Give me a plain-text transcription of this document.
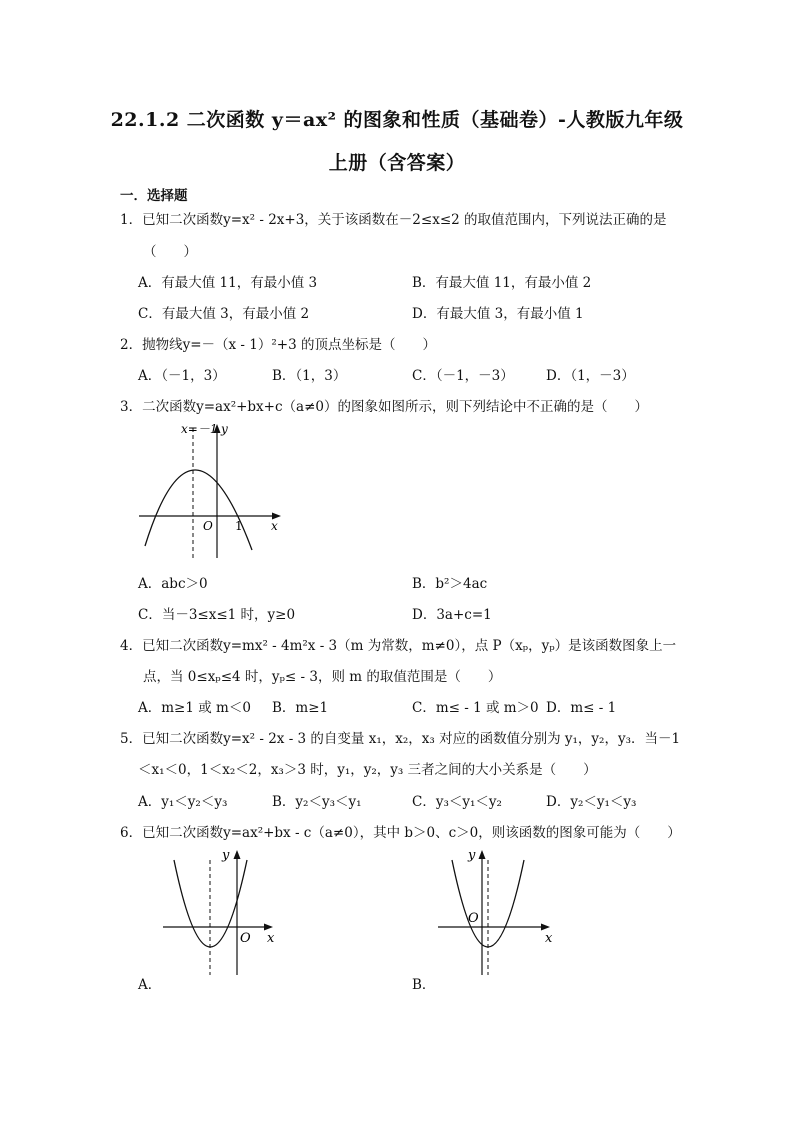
22.1.2 二次函数 y＝ax² 的图象和性质（基础卷）-人教版九年级
上册（含答案）
一．选择题
1．已知二次函数y=x² - 2x+3，关于该函数在－2≤x≤2 的取值范围内，下列说法正确的是
（　　）
A．有最大值 11，有最小值 3	B．有最大值 11，有最小值 2
C．有最大值 3，有最小值 2	D．有最大值 3，有最小值 1
2．抛物线y=－（x - 1）²+3 的顶点坐标是（　　）
A．（－1，3）	B．（1，3）	C．（－1，－3） D．（1，－3）
3．二次函数y=ax²+bx+c（a≠0）的图象如图所示，则下列结论中不正确的是（　　）
x=－1 y
x
O 1
A．abc＞0	B．b²＞4ac
C．当－3≤x≤1 时，y≥0	D．3a+c=1
4．已知二次函数y=mx² - 4m²x - 3（m 为常数，m≠0），点 P（xₚ，yₚ）是该函数图象上一
点，当 0≤xₚ≤4 时，yₚ≤ - 3，则 m 的取值范围是（　　）
A．m≥1 或 m＜0 B．m≥1	C．m≤ - 1 或 m＞0 D．m≤ - 1
5．已知二次函数y=x² - 2x - 3 的自变量 x₁，x₂，x₃ 对应的函数值分别为 y₁，y₂，y₃．当－1
＜x₁＜0，1＜x₂＜2，x₃＞3 时，y₁，y₂，y₃ 三者之间的大小关系是（　　）
A．y₁＜y₂＜y₃	B．y₂＜y₃＜y₁	C．y₃＜y₁＜y₂	D．y₂＜y₁＜y₃
6．已知二次函数y=ax²+bx - c（a≠0），其中 b＞0、c＞0，则该函数的图象可能为（　　）
y
x
O
A．
y
x
O
B．
